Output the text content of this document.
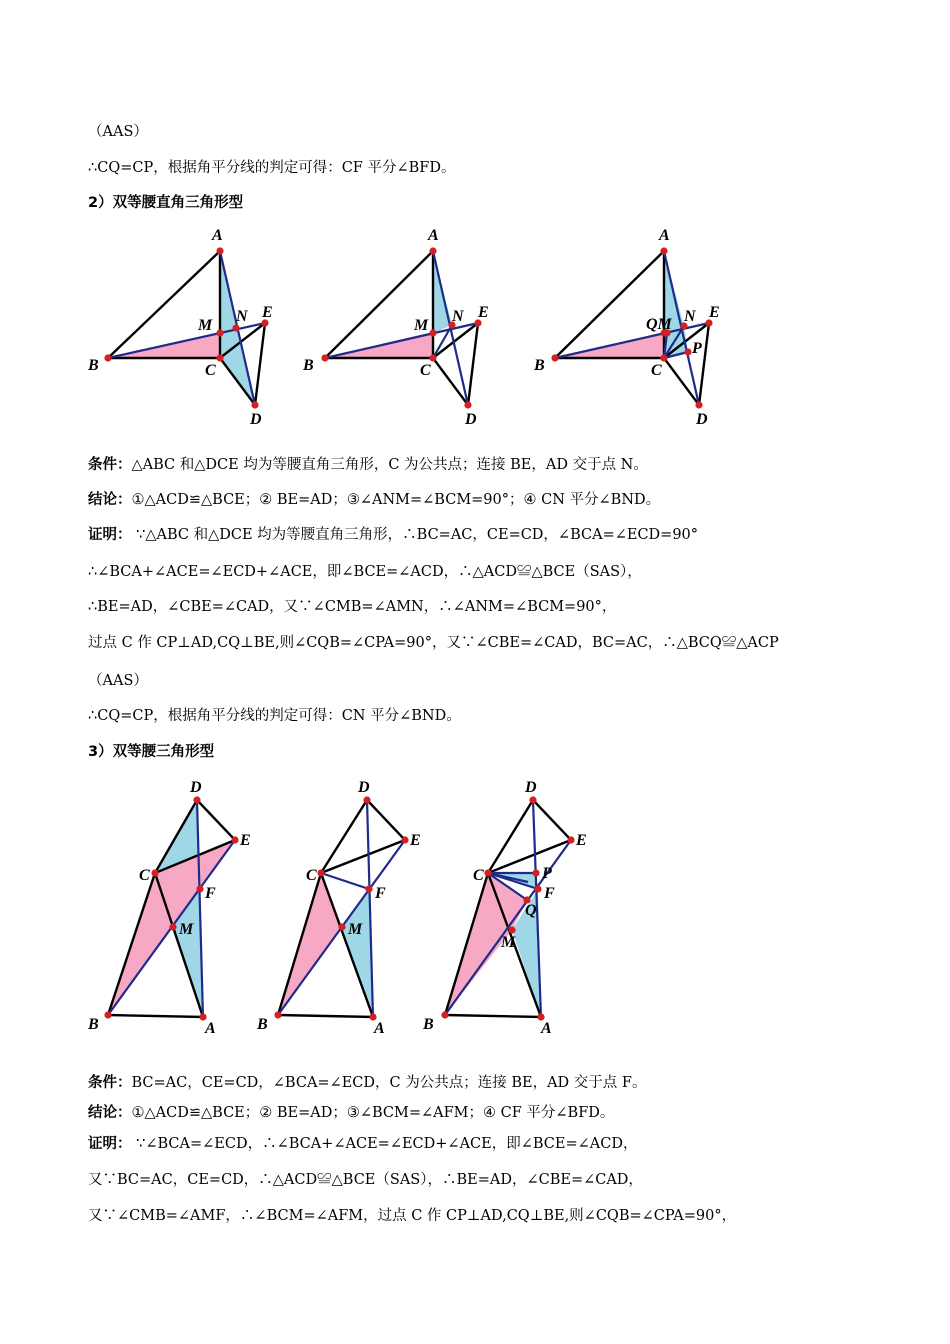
（AAS）
∴CQ=CP，根据角平分线的判定可得：CF 平分∠BFD。
2）双等腰直角三角形型
A
B	C
D
E
M
N
A
B	C
D
E
M
N
A
B	C
D
E
QM N
P
条件：△ABC 和△DCE 均为等腰直角三角形，C 为公共点；连接 BE，AD 交于点 N。
结论：①△ACD≌△BCE；② BE=AD；③∠ANM=∠BCM=90°；④ CN 平分∠BND。
证明： ∵△ABC 和△DCE 均为等腰直角三角形，∴BC=AC，CE=CD，∠BCA=∠ECD=90°
∴∠BCA+∠ACE=∠ECD+∠ACE，即∠BCE=∠ACD，∴△ACD≌△BCE（SAS），
∴BE=AD，∠CBE=∠CAD，又∵∠CMB=∠AMN，∴∠ANM=∠BCM=90°，
过点 C 作 CP⊥AD,CQ⊥BE,则∠CQB=∠CPA=90°，又∵∠CBE=∠CAD，BC=AC，∴△BCQ≌△ACP
（AAS）
∴CQ=CP，根据角平分线的判定可得：CN 平分∠BND。
3）双等腰三角形型
D
E
C
F
M
B	A
D
E
C
F
M
B	A
D
E
C	P
F
Q
M
B	A
条件：BC=AC，CE=CD，∠BCA=∠ECD，C 为公共点；连接 BE，AD 交于点 F。
结论：①△ACD≌△BCE；② BE=AD；③∠BCM=∠AFM；④ CF 平分∠BFD。
证明： ∵∠BCA=∠ECD，∴∠BCA+∠ACE=∠ECD+∠ACE，即∠BCE=∠ACD，
又∵BC=AC，CE=CD，∴△ACD≌△BCE（SAS），∴BE=AD，∠CBE=∠CAD，
又∵∠CMB=∠AMF，∴∠BCM=∠AFM，过点 C 作 CP⊥AD,CQ⊥BE,则∠CQB=∠CPA=90°，
